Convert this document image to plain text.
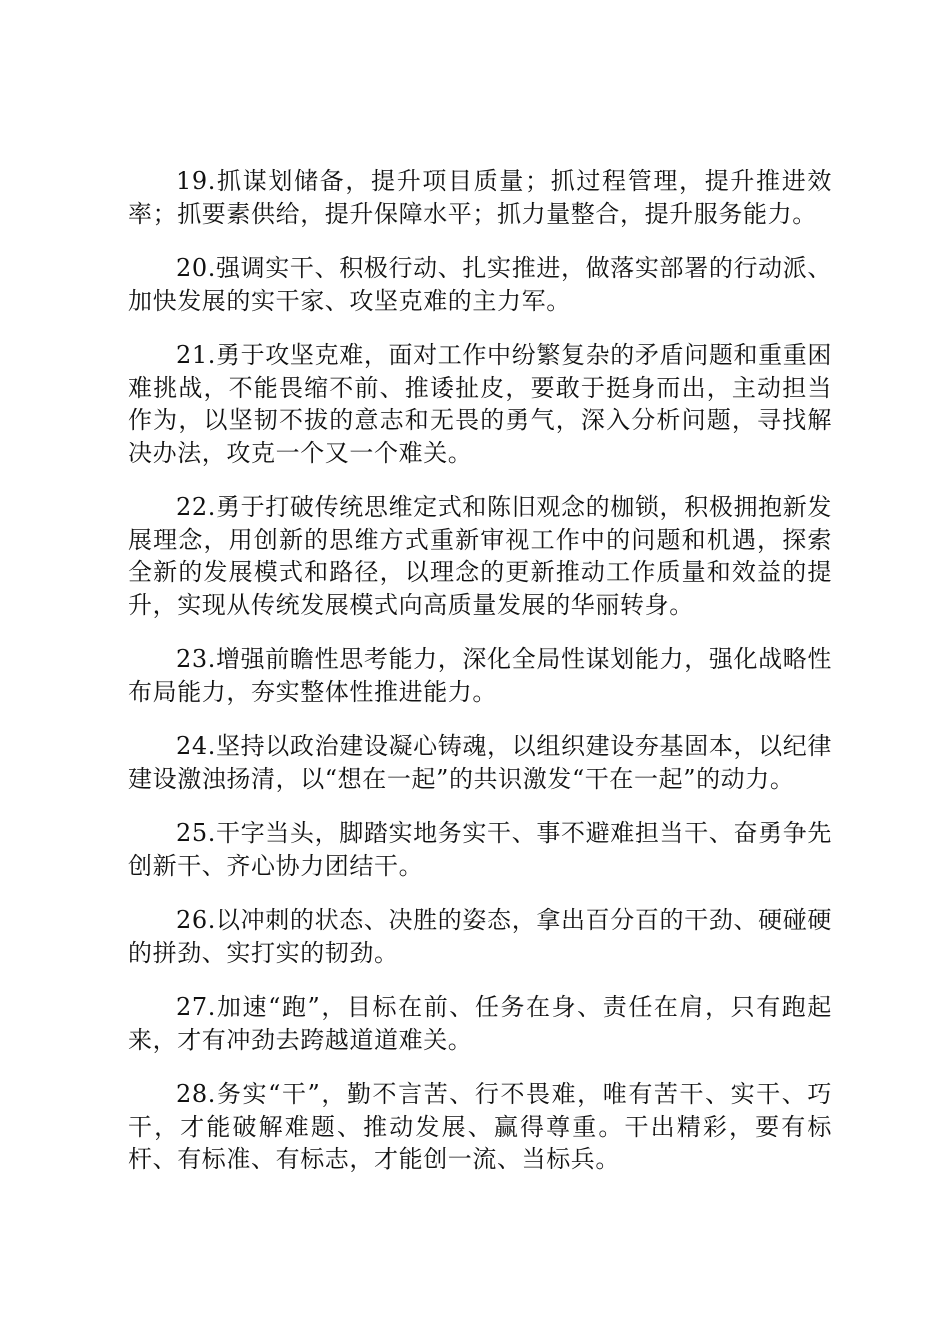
19.抓谋划储备，提升项目质量；抓过程管理，提升推进效率；抓要素供给，提升保障水平；抓力量整合，提升服务能力。

20.强调实干、积极行动、扎实推进，做落实部署的行动派、加快发展的实干家、攻坚克难的主力军。

21.勇于攻坚克难，面对工作中纷繁复杂的矛盾问题和重重困难挑战，不能畏缩不前、推诿扯皮，要敢于挺身而出，主动担当作为，以坚韧不拔的意志和无畏的勇气，深入分析问题，寻找解决办法，攻克一个又一个难关。

22.勇于打破传统思维定式和陈旧观念的枷锁，积极拥抱新发展理念，用创新的思维方式重新审视工作中的问题和机遇，探索全新的发展模式和路径，以理念的更新推动工作质量和效益的提升，实现从传统发展模式向高质量发展的华丽转身。

23.增强前瞻性思考能力，深化全局性谋划能力，强化战略性布局能力，夯实整体性推进能力。

24.坚持以政治建设凝心铸魂，以组织建设夯基固本，以纪律建设激浊扬清，以“想在一起”的共识激发“干在一起”的动力。

25.干字当头，脚踏实地务实干、事不避难担当干、奋勇争先创新干、齐心协力团结干。

26.以冲刺的状态、决胜的姿态，拿出百分百的干劲、硬碰硬的拼劲、实打实的韧劲。

27.加速“跑”，目标在前、任务在身、责任在肩，只有跑起来，才有冲劲去跨越道道难关。

28.务实“干”，勤不言苦、行不畏难，唯有苦干、实干、巧干，才能破解难题、推动发展、赢得尊重。干出精彩，要有标杆、有标准、有标志，才能创一流、当标兵。
